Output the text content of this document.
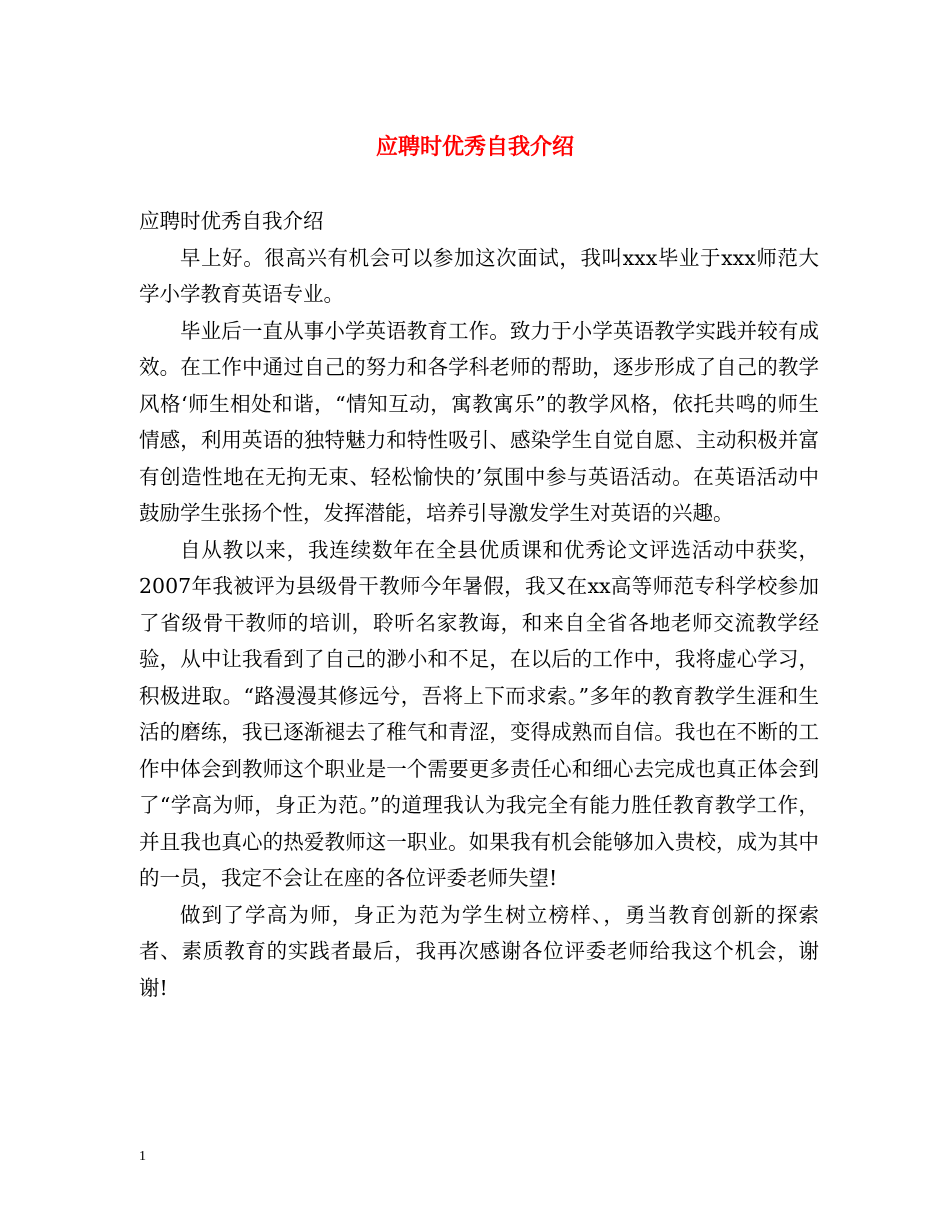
应聘时优秀自我介绍

应聘时优秀自我介绍

早上好。很高兴有机会可以参加这次面试，我叫xxx毕业于xxx师范大学小学教育英语专业。

毕业后一直从事小学英语教育工作。致力于小学英语教学实践并较有成效。在工作中通过自己的努力和各学科老师的帮助，逐步形成了自己的教学风格‘师生相处和谐，“情知互动，寓教寓乐”的教学风格，依托共鸣的师生情感，利用英语的独特魅力和特性吸引、感染学生自觉自愿、主动积极并富有创造性地在无拘无束、轻松愉快的’氛围中参与英语活动。在英语活动中鼓励学生张扬个性，发挥潜能，培养引导激发学生对英语的兴趣。

自从教以来，我连续数年在全县优质课和优秀论文评选活动中获奖，2007年我被评为县级骨干教师今年暑假，我又在xx高等师范专科学校参加了省级骨干教师的培训，聆听名家教诲，和来自全省各地老师交流教学经验，从中让我看到了自己的渺小和不足，在以后的工作中，我将虚心学习，积极进取。“路漫漫其修远兮，吾将上下而求索。”多年的教育教学生涯和生活的磨练，我已逐渐褪去了稚气和青涩，变得成熟而自信。我也在不断的工作中体会到教师这个职业是一个需要更多责任心和细心去完成也真正体会到了“学高为师，身正为范。”的道理我认为我完全有能力胜任教育教学工作，并且我也真心的热爱教师这一职业。如果我有机会能够加入贵校，成为其中的一员，我定不会让在座的各位评委老师失望!

做到了学高为师，身正为范为学生树立榜样、，勇当教育创新的探索者、素质教育的实践者最后，我再次感谢各位评委老师给我这个机会，谢谢!

1
